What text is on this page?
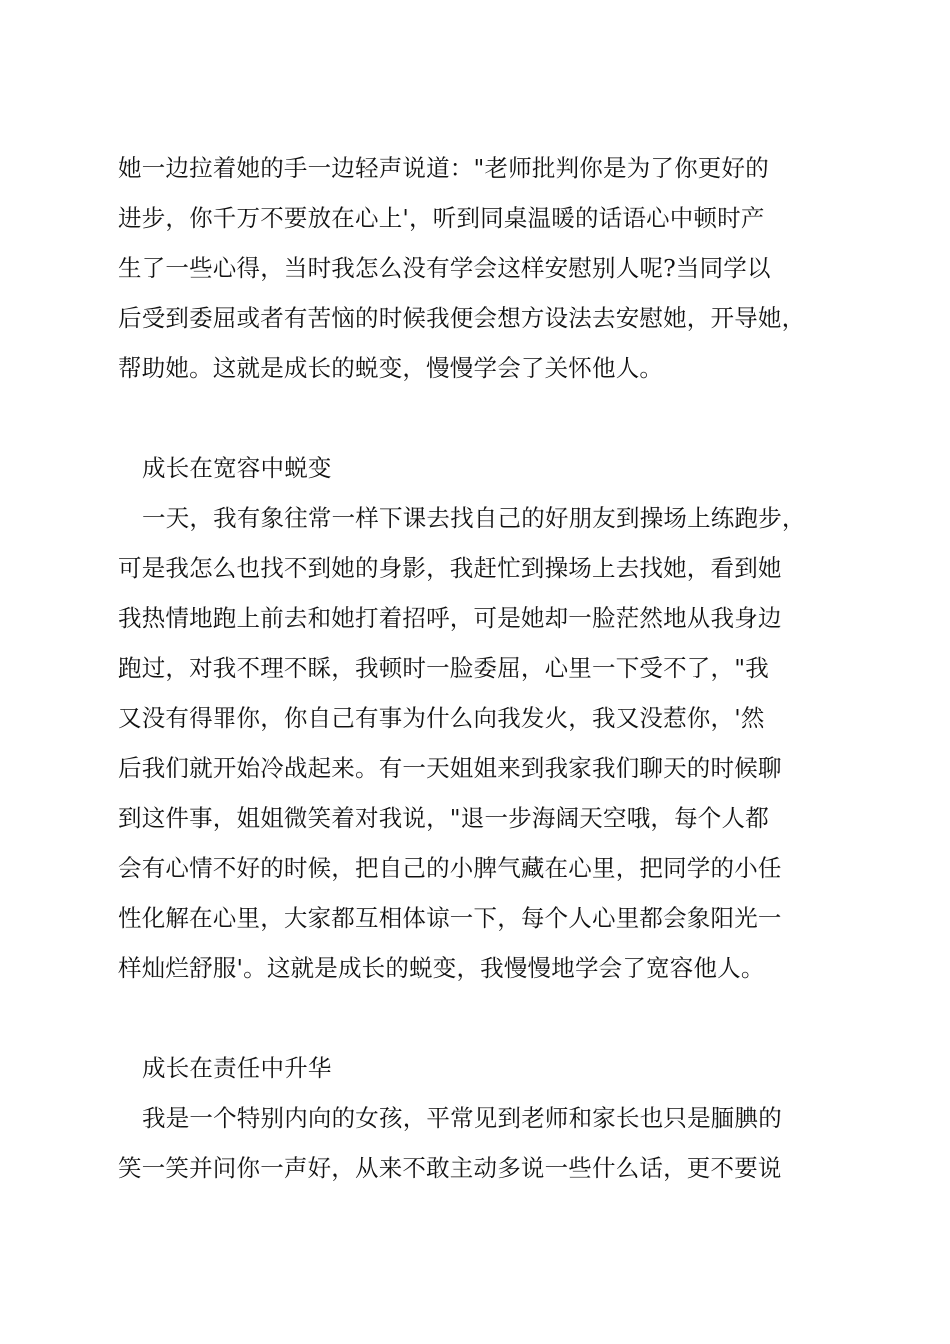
她一边拉着她的手一边轻声说道："老师批判你是为了你更好的
进步，你千万不要放在心上'，听到同桌温暖的话语心中顿时产
生了一些心得，当时我怎么没有学会这样安慰别人呢?当同学以
后受到委屈或者有苦恼的时候我便会想方设法去安慰她，开导她，
帮助她。这就是成长的蜕变，慢慢学会了关怀他人。
成长在宽容中蜕变
一天，我有象往常一样下课去找自己的好朋友到操场上练跑步，
可是我怎么也找不到她的身影，我赶忙到操场上去找她，看到她
我热情地跑上前去和她打着招呼，可是她却一脸茫然地从我身边
跑过，对我不理不睬，我顿时一脸委屈，心里一下受不了，"我
又没有得罪你，你自己有事为什么向我发火，我又没惹你，'然
后我们就开始冷战起来。有一天姐姐来到我家我们聊天的时候聊
到这件事，姐姐微笑着对我说，"退一步海阔天空哦，每个人都
会有心情不好的时候，把自己的小脾气藏在心里，把同学的小任
性化解在心里，大家都互相体谅一下，每个人心里都会象阳光一
样灿烂舒服'。这就是成长的蜕变，我慢慢地学会了宽容他人。
成长在责任中升华
我是一个特别内向的女孩，平常见到老师和家长也只是腼腆的
笑一笑并问你一声好，从来不敢主动多说一些什么话，更不要说
